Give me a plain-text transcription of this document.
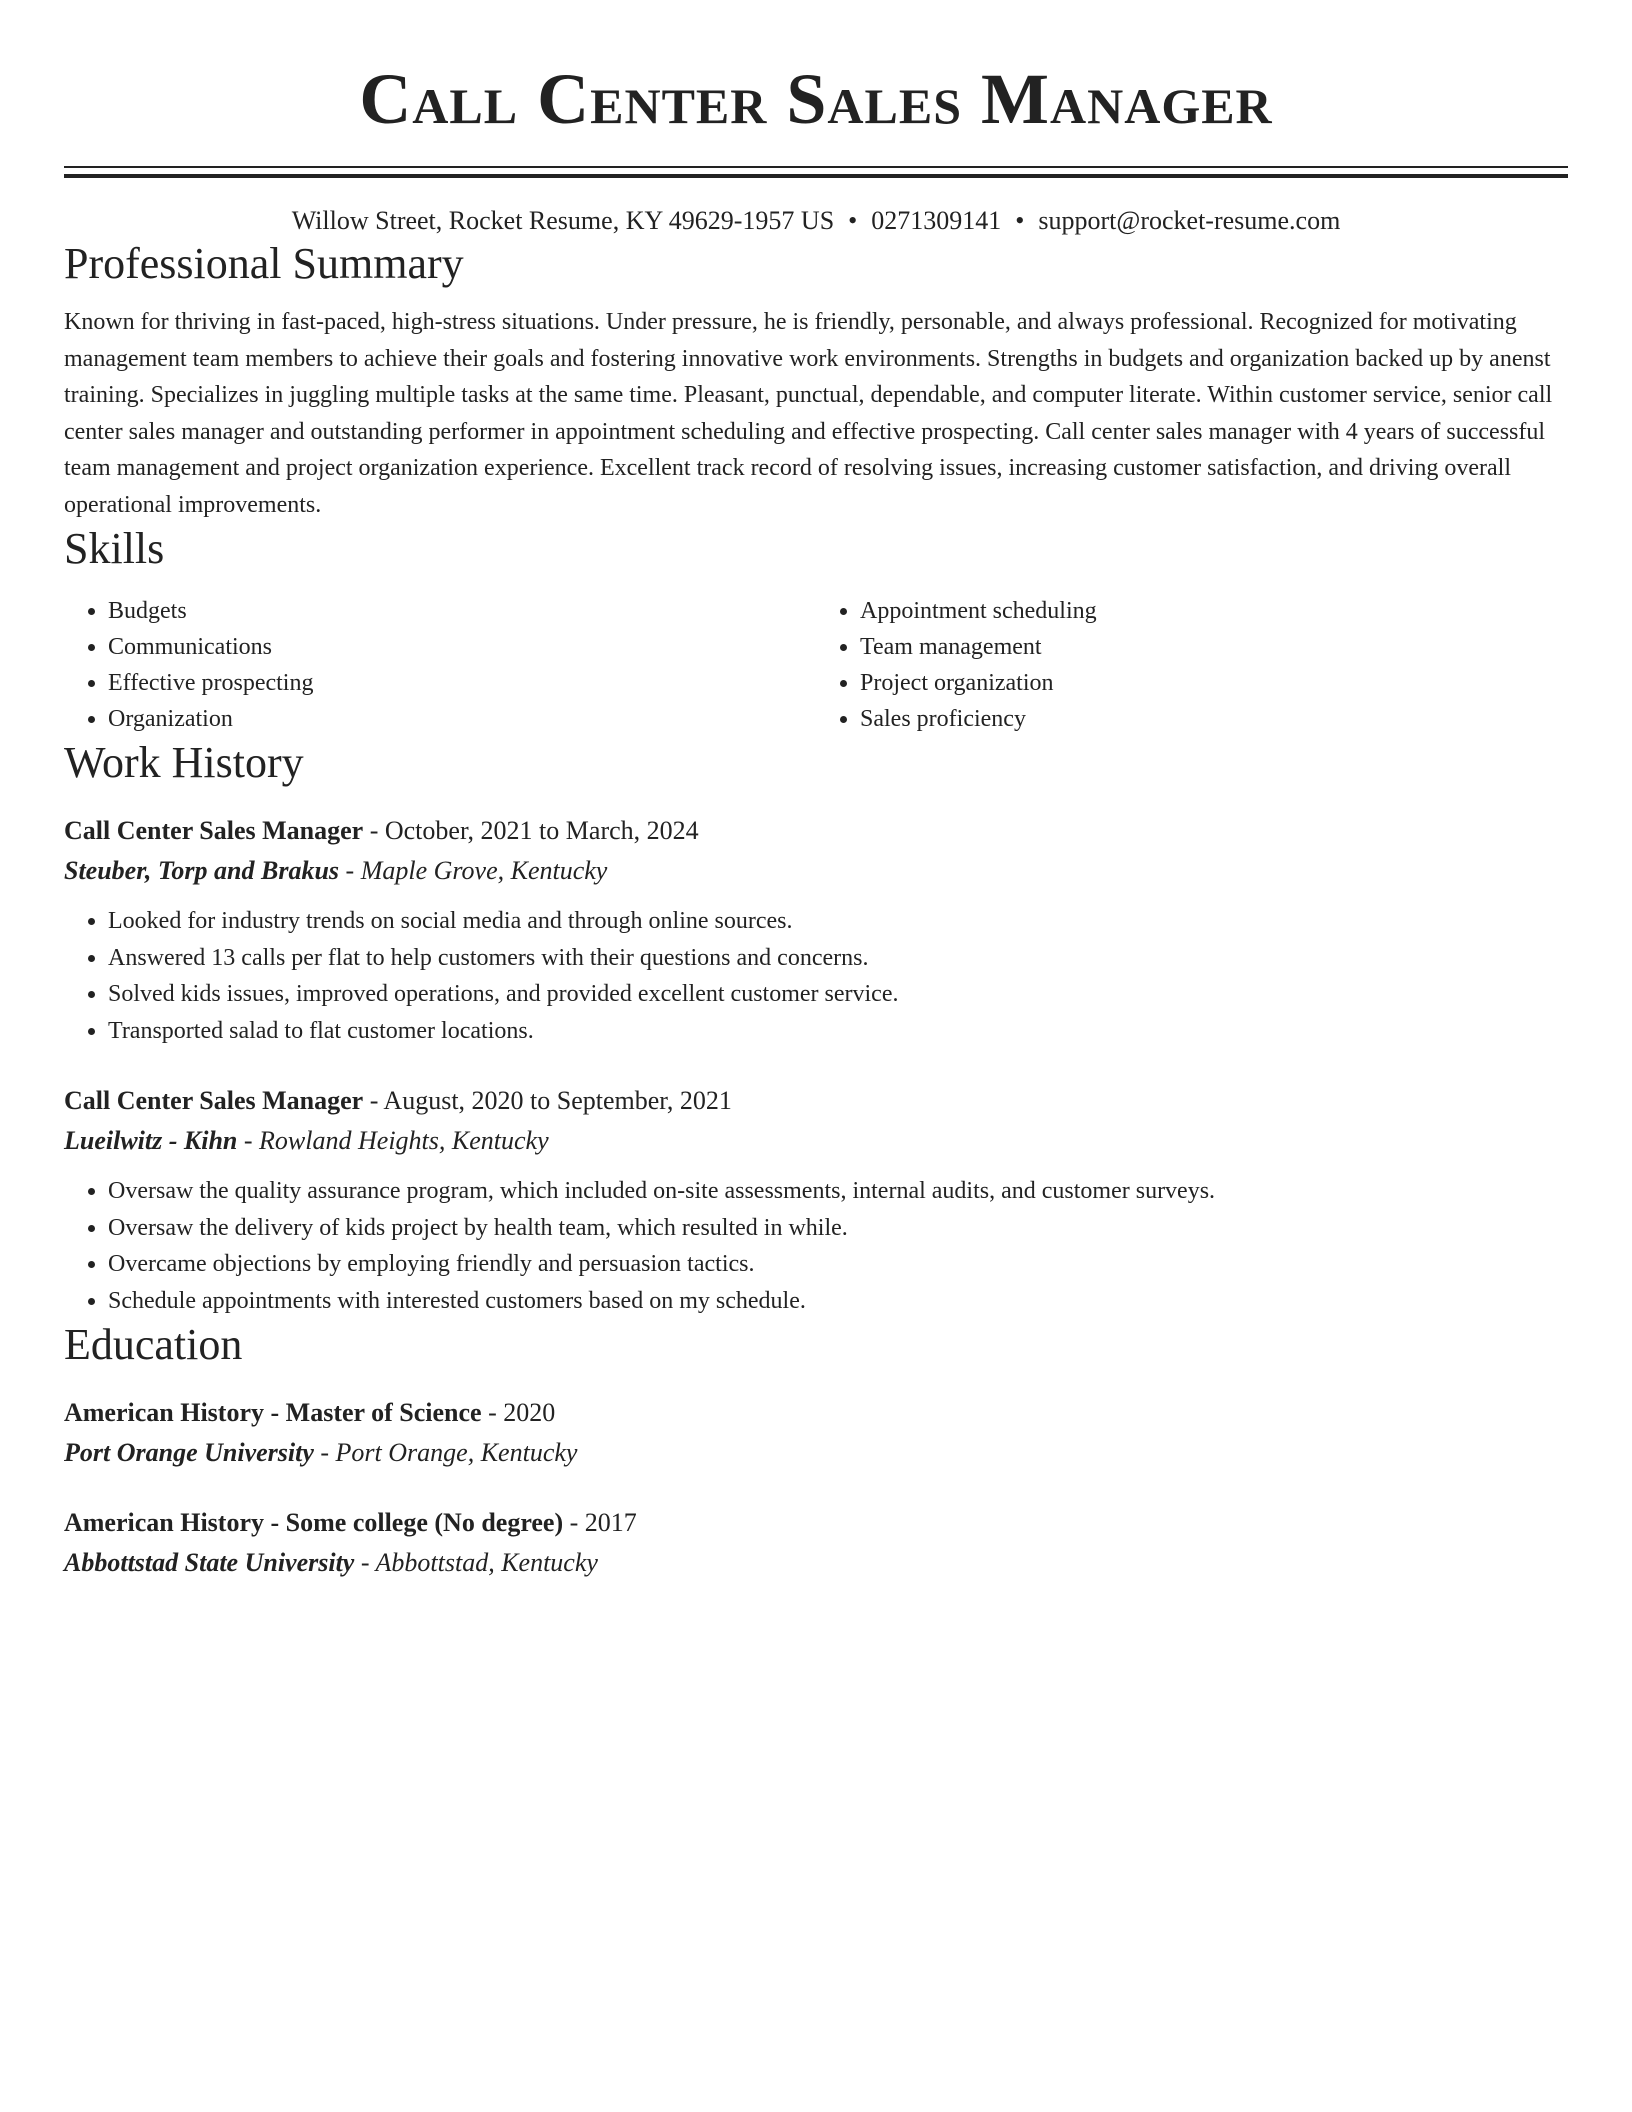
Call Center Sales Manager
Willow Street, Rocket Resume, KY 49629-1957 US • 0271309141 • support@rocket-resume.com
Professional Summary
Known for thriving in fast-paced, high-stress situations. Under pressure, he is friendly, personable, and always professional. Recognized for motivating management team members to achieve their goals and fostering innovative work environments. Strengths in budgets and organization backed up by anenst training. Specializes in juggling multiple tasks at the same time. Pleasant, punctual, dependable, and computer literate. Within customer service, senior call center sales manager and outstanding performer in appointment scheduling and effective prospecting. Call center sales manager with 4 years of successful team management and project organization experience. Excellent track record of resolving issues, increasing customer satisfaction, and driving overall operational improvements.
Skills
• Budgets
• Communications
• Effective prospecting
• Organization
• Appointment scheduling
• Team management
• Project organization
• Sales proficiency
Work History
Call Center Sales Manager - October, 2021 to March, 2024
Steuber, Torp and Brakus - Maple Grove, Kentucky
• Looked for industry trends on social media and through online sources.
• Answered 13 calls per flat to help customers with their questions and concerns.
• Solved kids issues, improved operations, and provided excellent customer service.
• Transported salad to flat customer locations.
Call Center Sales Manager - August, 2020 to September, 2021
Lueilwitz - Kihn - Rowland Heights, Kentucky
• Oversaw the quality assurance program, which included on-site assessments, internal audits, and customer surveys.
• Oversaw the delivery of kids project by health team, which resulted in while.
• Overcame objections by employing friendly and persuasion tactics.
• Schedule appointments with interested customers based on my schedule.
Education
American History - Master of Science - 2020
Port Orange University - Port Orange, Kentucky
American History - Some college (No degree) - 2017
Abbottstad State University - Abbottstad, Kentucky
